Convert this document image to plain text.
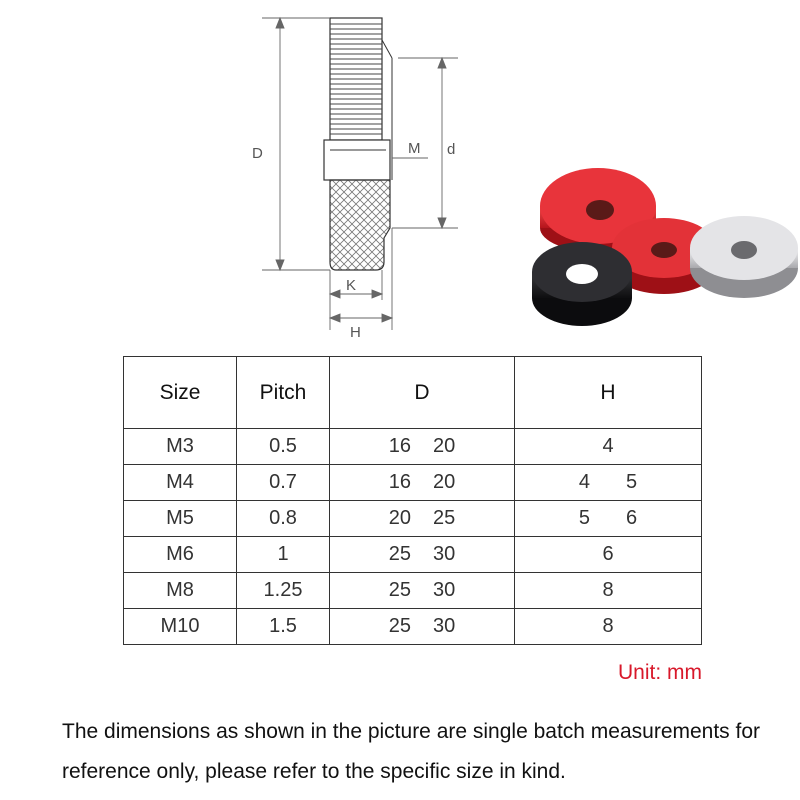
D	d
M
K
H
Size	Pitch	D	H
M3	0.5	16 20	4
M4	0.7	16 20	4 5
M5	0.8	20 25	5 6
M6	1	25 30	6
M8	1.25	25 30	8
M10	1.5	25 30	8
Unit: mm
The dimensions as shown in the picture are single batch measurements for reference only, please refer to the specific size in kind.
